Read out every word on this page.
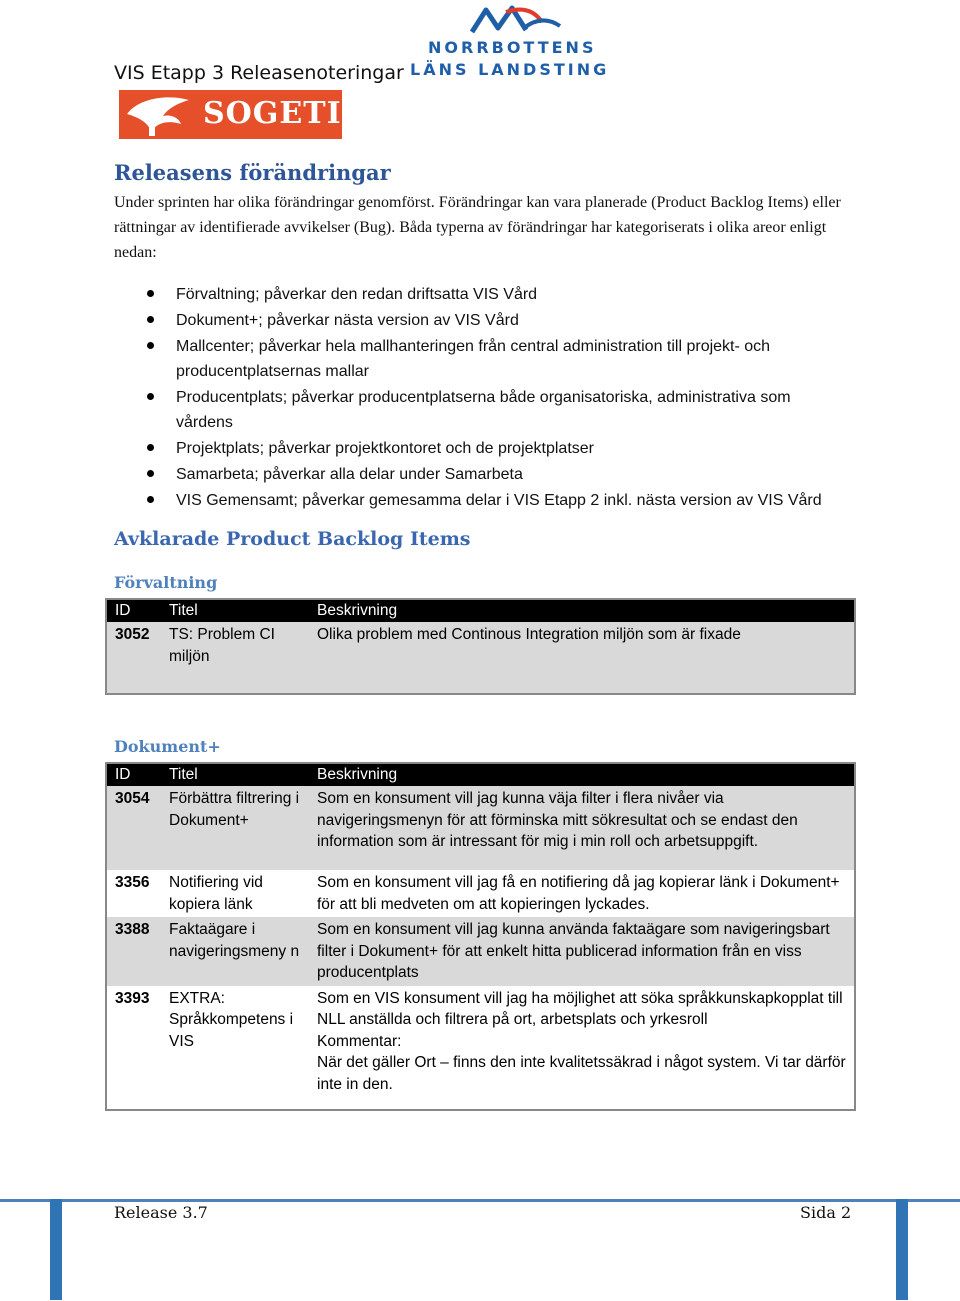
VIS Etapp 3 Releasenoteringar
NORRBOTTENS
LÄNS LANDSTING
SOGETI
Releasens förändringar
Under sprinten har olika förändringar genomförst. Förändringar kan vara planerade (Product Backlog Items) eller rättningar av identifierade avvikelser (Bug). Båda typerna av förändringar har kategoriserats i olika areor enligt nedan:
Förvaltning; påverkar den redan driftsatta VIS Vård
Dokument+; påverkar nästa version av VIS Vård
Mallcenter; påverkar hela mallhanteringen från central administration till projekt- och producentplatsernas mallar
Producentplats; påverkar producentplatserna både organisatoriska, administrativa som vårdens
Projektplats; påverkar projektkontoret och de projektplatser
Samarbeta; påverkar alla delar under Samarbeta
VIS Gemensamt; påverkar gemesamma delar i VIS Etapp 2 inkl. nästa version av VIS Vård
Avklarade Product Backlog Items
Förvaltning
ID	Titel	Beskrivning
3052	TS: Problem CI miljön	Olika problem med Continous Integration miljön som är fixade
Dokument+
ID	Titel	Beskrivning
3054	Förbättra filtrering i Dokument+	Som en konsument vill jag kunna väja filter i flera nivåer via navigeringsmenyn för att förminska mitt sökresultat och se endast den information som är intressant för mig i min roll och arbetsuppgift.
3356	Notifiering vid kopiera länk	Som en konsument vill jag få en notifiering då jag kopierar länk i Dokument+ för att bli medveten om att kopieringen lyckades.
3388	Faktaägare i navigeringsmeny n	Som en konsument vill jag kunna använda faktaägare som navigeringsbart filter i Dokument+ för att enkelt hitta publicerad information från en viss producentplats
3393	EXTRA: Språkkompetens i VIS	Som en VIS konsument vill jag ha möjlighet att söka språkkunskapkopplat till NLL anställda och filtrera på ort, arbetsplats och yrkesroll
Kommentar:
När det gäller Ort – finns den inte kvalitetssäkrad i något system. Vi tar därför inte in den.
Release 3.7	Sida 2
